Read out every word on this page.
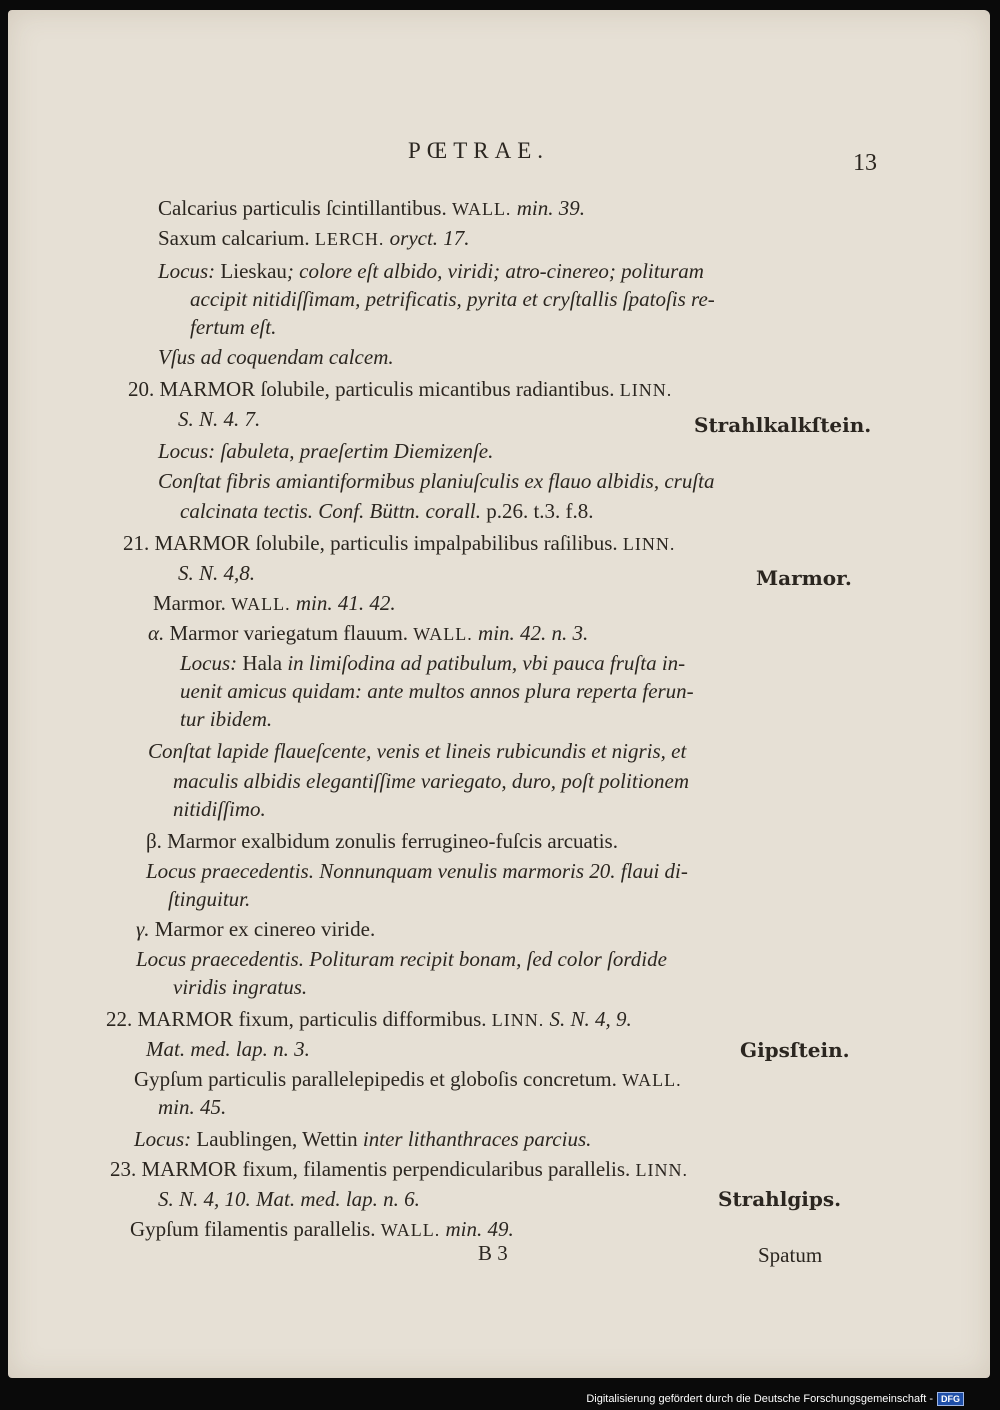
PŒTRAE.	13
Strahlkalkſtein.
Marmor.
Gipsſtein.
Strahlgips.
B 3	Spatum
Calcarius particulis ſcintillantibus. WALL. min. 39.
Saxum calcarium. LERCH. oryct. 17.
Locus: Lieskau; colore eſt albido, viridi; atro-cinereo; polituram
accipit nitidiſſimam, petrificatis, pyrita et cryſtallis ſpatoſis re-
fertum eſt.
Vſus ad coquendam calcem.
20. MARMOR ſolubile, particulis micantibus radiantibus. LINN.
S. N. 4. 7.
Locus: ſabuleta, praeſertim Diemizenſe.
Conſtat fibris amiantiformibus planiuſculis ex flauo albidis, cruſta
calcinata tectis. Conf. Büttn. corall. p.26. t.3. f.8.
21. MARMOR ſolubile, particulis impalpabilibus raſilibus. LINN.
S. N. 4,8.
Marmor. WALL. min. 41. 42.
α. Marmor variegatum flauum. WALL. min. 42. n. 3.
Locus: Hala in limiſodina ad patibulum, vbi pauca fruſta in-
uenit amicus quidam: ante multos annos plura reperta ferun-
tur ibidem.
Conſtat lapide flaueſcente, venis et lineis rubicundis et nigris, et
maculis albidis elegantiſſime variegato, duro, poſt politionem
nitidiſſimo.
β. Marmor exalbidum zonulis ferrugineo-fuſcis arcuatis.
Locus praecedentis. Nonnunquam venulis marmoris 20. flaui di-
ſtinguitur.
γ. Marmor ex cinereo viride.
Locus praecedentis. Polituram recipit bonam, ſed color ſordide
viridis ingratus.
22. MARMOR fixum, particulis difformibus. LINN. S. N. 4, 9.
Mat. med. lap. n. 3.
Gypſum particulis parallelepipedis et globoſis concretum. WALL.
min. 45.
Locus: Laublingen, Wettin inter lithanthraces parcius.
23. MARMOR fixum, filamentis perpendicularibus parallelis. LINN.
S. N. 4, 10. Mat. med. lap. n. 6.
Gypſum filamentis parallelis. WALL. min. 49.
Digitalisierung gefördert durch die Deutsche Forschungsgemeinschaft - DFG
